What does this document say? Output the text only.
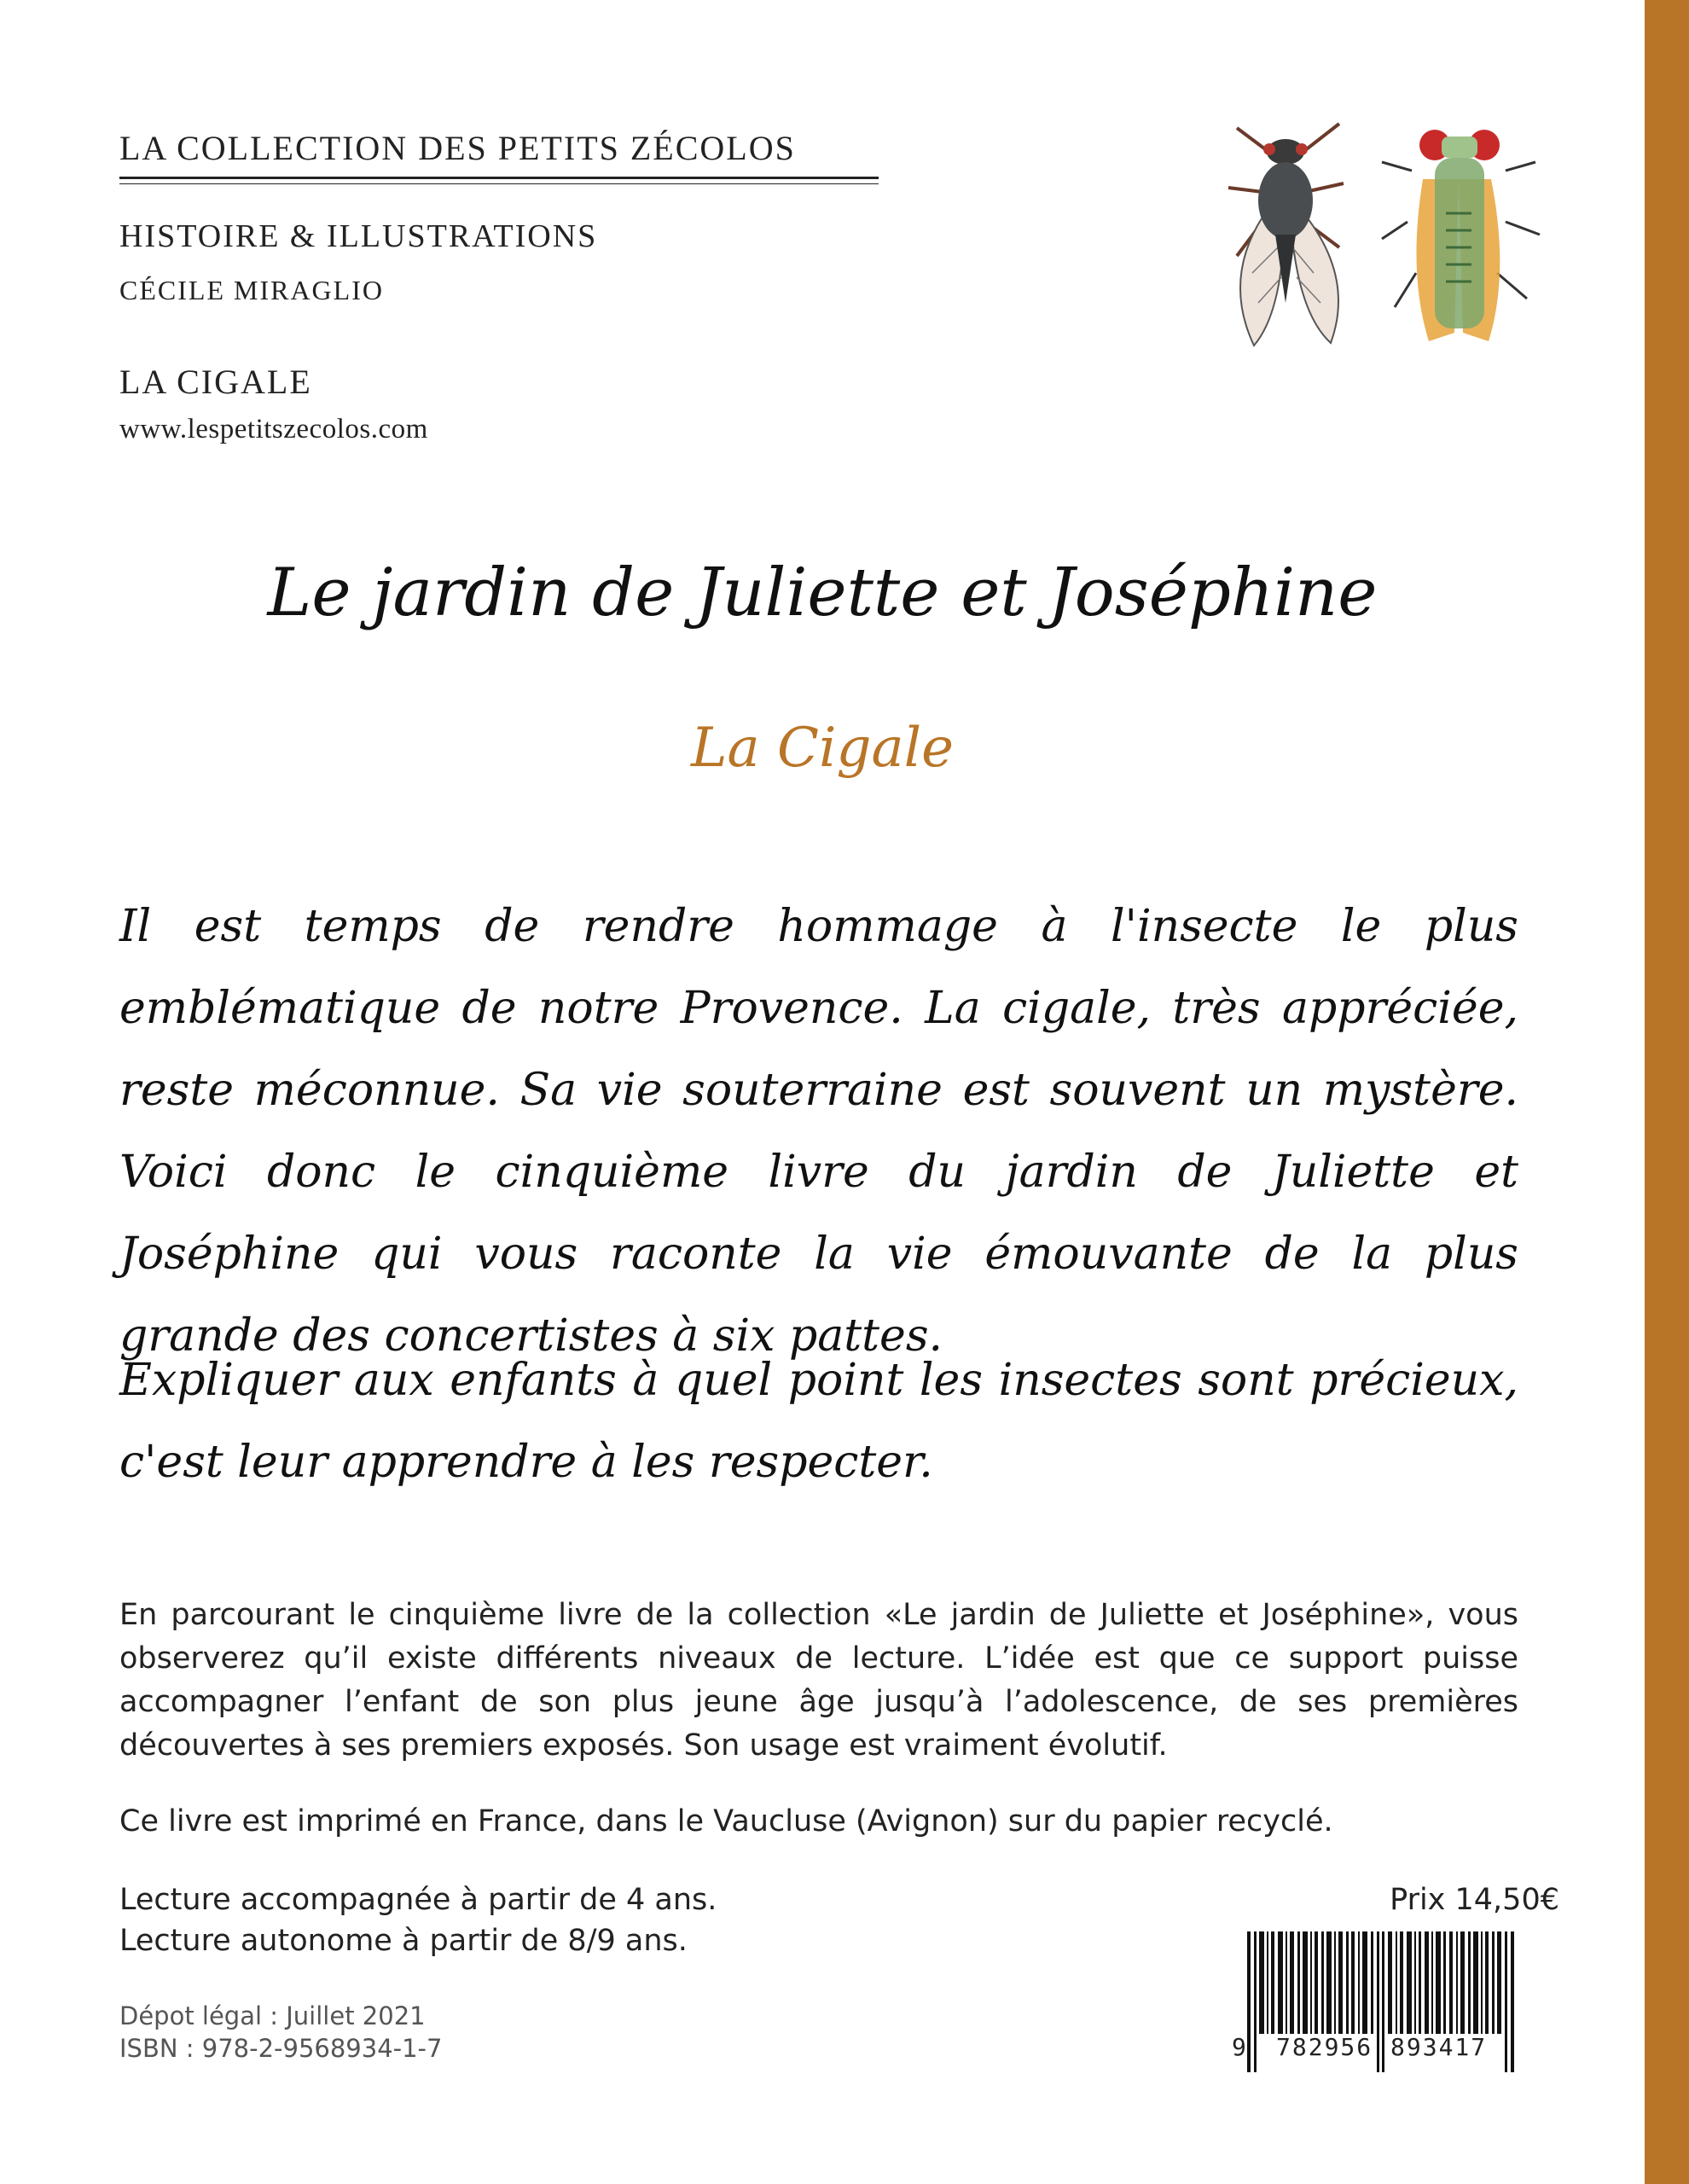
LA COLLECTION DES PETITS ZÉCOLOS
HISTOIRE & ILLUSTRATIONS
CÉCILE MIRAGLIO
LA CIGALE
www.lespetitszecolos.com
Le jardin de Juliette et Joséphine
La Cigale
Il est temps de rendre hommage à l'insecte le plus emblématique de notre Provence. La cigale, très appréciée, reste méconnue. Sa vie souterraine est souvent un mystère. Voici donc le cinquième livre du jardin de Juliette et Joséphine qui vous raconte la vie émouvante de la plus grande des concertistes à six pattes.
Expliquer aux enfants à quel point les insectes sont précieux, c'est leur apprendre à les respecter.
En parcourant le cinquième livre de la collection «Le jardin de Juliette et Joséphine», vous observerez qu’il existe différents niveaux de lecture. L’idée est que ce support puisse accompagner l’enfant de son plus jeune âge jusqu’à l’adolescence, de ses premières découvertes à ses premiers exposés. Son usage est vraiment évolutif.
Ce livre est imprimé en France, dans le Vaucluse (Avignon) sur du papier recyclé.
Lecture accompagnée à partir de 4 ans.
Lecture autonome à partir de 8/9 ans.
Prix 14,50€
Dépot légal : Juillet 2021
ISBN : 978-2-9568934-1-7	9 782956 893417
